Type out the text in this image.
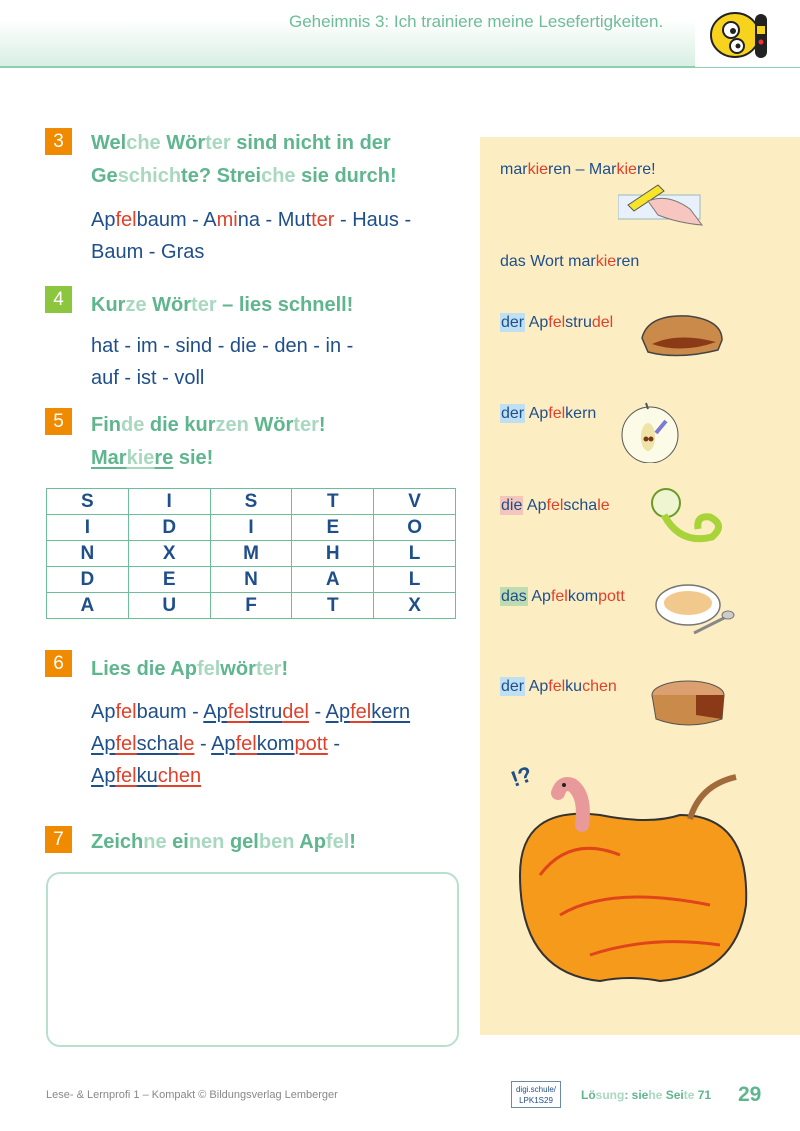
Geheimnis 3: Ich trainiere meine Lesefertigkeiten.
3	Welche Wörter sind nicht in der
Geschichte? Streiche sie durch!
Apfelbaum - Amina - Mutter - Haus -
Baum - Gras
4	Kurze Wörter – lies schnell!
hat - im - sind - die - den - in -
auf - ist - voll
5	Finde die kurzen Wörter!
Markiere sie!
S	I	S	T	V
I	D	I	E	O
N	X	M	H	L
D	E	N	A	L
A	U	F	T	X
6	Lies die Apfelwörter!
Apfelbaum - Apfelstrudel - Apfelkern
Apfelschale - Apfelkompott -
Apfelkuchen
7	Zeichne einen gelben Apfel!
markieren – Markiere!
das Wort markieren
der Apfelstrudel
der Apfelkern
die Apfelschale
das Apfelkompott
der Apfelkuchen
!?
Lese- & Lernprofi 1 – Kompakt © Bildungsverlag Lemberger	digi.schule/
LPK1S29	Lösung: siehe Seite 71 29
